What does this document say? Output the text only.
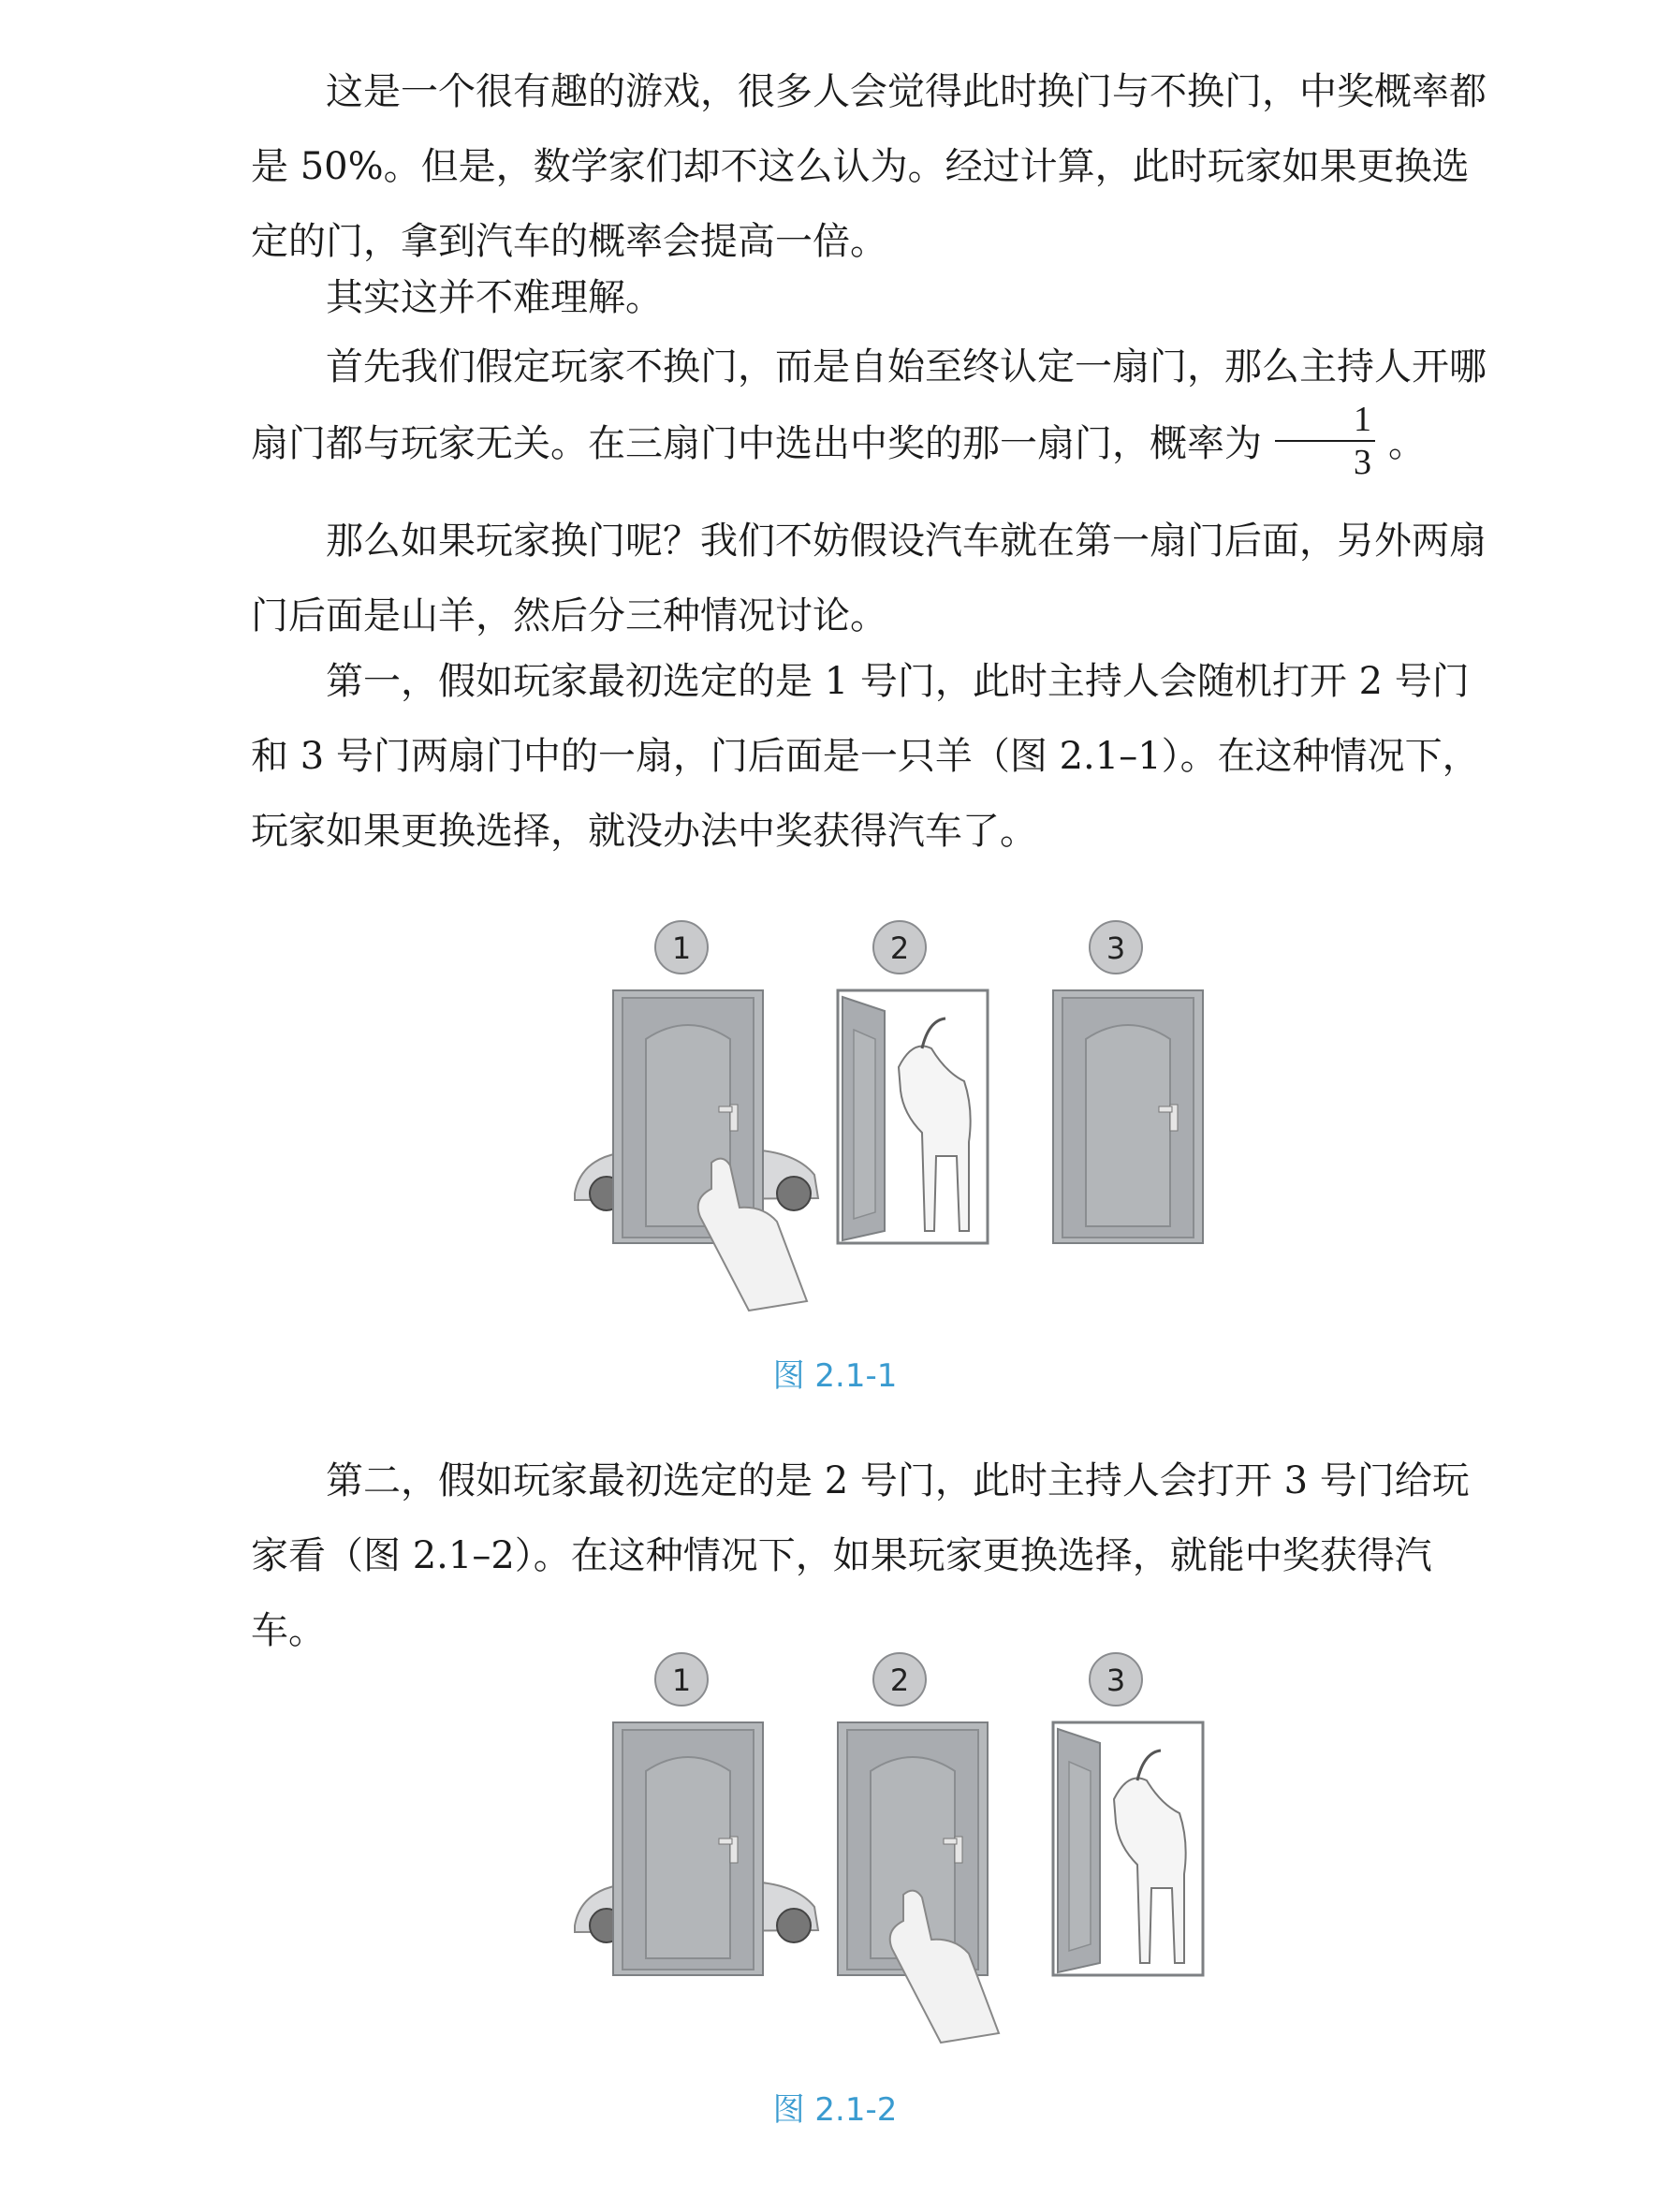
这是一个很有趣的游戏，很多人会觉得此时换门与不换门，中奖概率都是 50%。但是，数学家们却不这么认为。经过计算，此时玩家如果更换选定的门，拿到汽车的概率会提高一倍。

其实这并不难理解。

首先我们假定玩家不换门，而是自始至终认定一扇门，那么主持人开哪扇门都与玩家无关。在三扇门中选出中奖的那一扇门，概率为 $\frac{1}{3}$ 。

那么如果玩家换门呢？我们不妨假设汽车就在第一扇门后面，另外两扇门后面是山羊，然后分三种情况讨论。

第一，假如玩家最初选定的是 1 号门，此时主持人会随机打开 2 号门和 3 号门两扇门中的一扇，门后面是一只羊（图 2.1–1）。在这种情况下，玩家如果更换选择，就没办法中奖获得汽车了。

1	2	3
图 2.1-1

第二，假如玩家最初选定的是 2 号门，此时主持人会打开 3 号门给玩家看（图 2.1–2）。在这种情况下，如果玩家更换选择，就能中奖获得汽车。

1	2	3
图 2.1-2
